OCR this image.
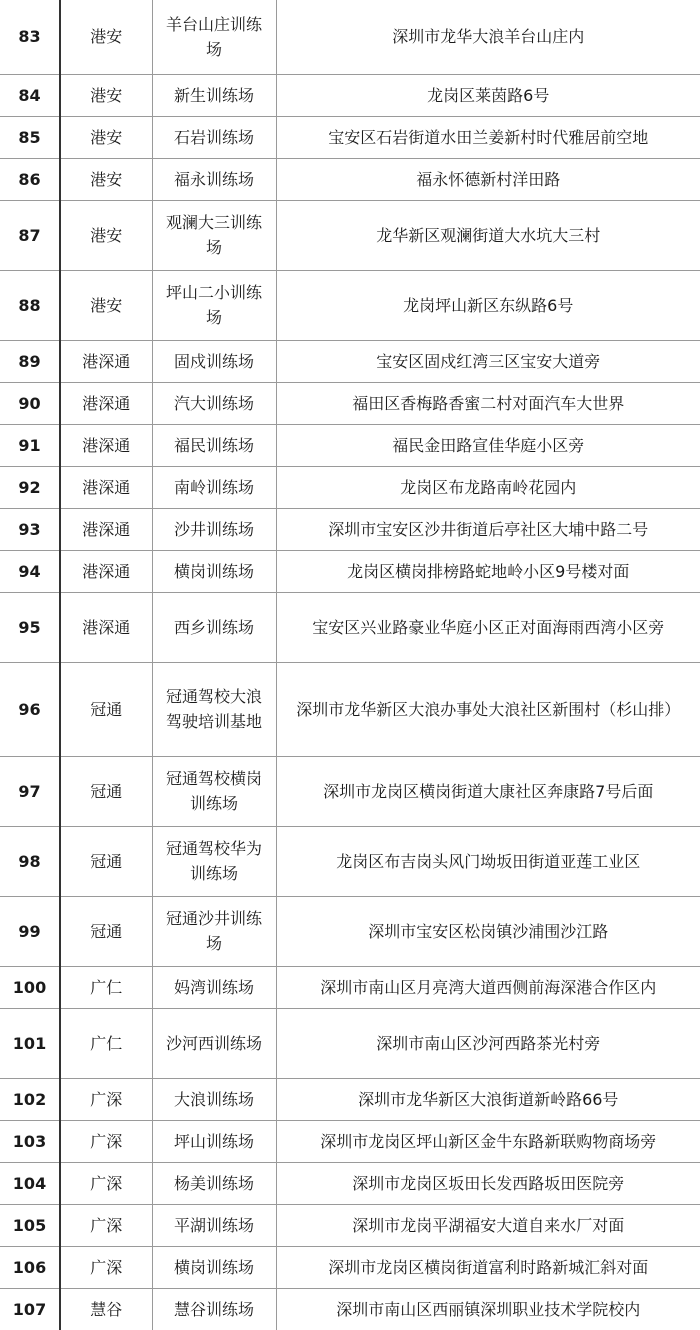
83	港安	羊台山庄训练场	深圳市龙华大浪羊台山庄内
84	港安	新生训练场	龙岗区莱茵路6号
85	港安	石岩训练场	宝安区石岩街道水田兰姜新村时代雅居前空地
86	港安	福永训练场	福永怀德新村洋田路
87	港安	观澜大三训练场	龙华新区观澜街道大水坑大三村
88	港安	坪山二小训练场	龙岗坪山新区东纵路6号
89	港深通	固戍训练场	宝安区固戍红湾三区宝安大道旁
90	港深通	汽大训练场	福田区香梅路香蜜二村对面汽车大世界
91	港深通	福民训练场	福民金田路宣佳华庭小区旁
92	港深通	南岭训练场	龙岗区布龙路南岭花园内
93	港深通	沙井训练场	深圳市宝安区沙井街道后亭社区大埔中路二号
94	港深通	横岗训练场	龙岗区横岗排榜路蛇地岭小区9号楼对面
95	港深通	西乡训练场	宝安区兴业路豪业华庭小区正对面海雨西湾小区旁
96	冠通	冠通驾校大浪驾驶培训基地	深圳市龙华新区大浪办事处大浪社区新围村（杉山排）
97	冠通	冠通驾校横岗训练场	深圳市龙岗区横岗街道大康社区奔康路7号后面
98	冠通	冠通驾校华为训练场	龙岗区布吉岗头风门坳坂田街道亚莲工业区
99	冠通	冠通沙井训练场	深圳市宝安区松岗镇沙浦围沙江路
100	广仁	妈湾训练场	深圳市南山区月亮湾大道西侧前海深港合作区内
101	广仁	沙河西训练场	深圳市南山区沙河西路茶光村旁
102	广深	大浪训练场	深圳市龙华新区大浪街道新岭路66号
103	广深	坪山训练场	深圳市龙岗区坪山新区金牛东路新联购物商场旁
104	广深	杨美训练场	深圳市龙岗区坂田长发西路坂田医院旁
105	广深	平湖训练场	深圳市龙岗平湖福安大道自来水厂对面
106	广深	横岗训练场	深圳市龙岗区横岗街道富利时路新城汇斜对面
107	慧谷	慧谷训练场	深圳市南山区西丽镇深圳职业技术学院校内
